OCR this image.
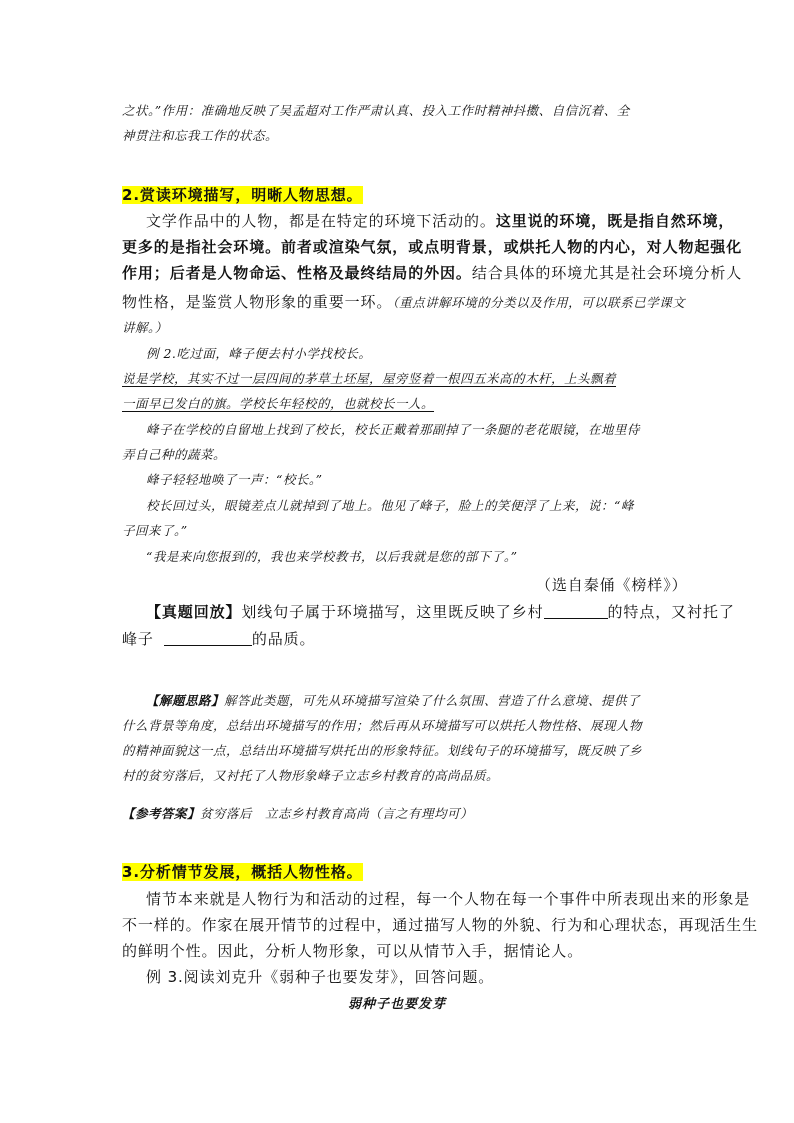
之状。”作用：准确地反映了吴孟超对工作严肃认真、投入工作时精神抖擞、自信沉着、全
神贯注和忘我工作的状态。
2.赏读环境描写，明晰人物思想。
文学作品中的人物，都是在特定的环境下活动的。这里说的环境，既是指自然环境，
更多的是指社会环境。前者或渲染气氛，或点明背景，或烘托人物的内心，对人物起强化
作用；后者是人物命运、性格及最终结局的外因。结合具体的环境尤其是社会环境分析人
物性格，是鉴赏人物形象的重要一环。（重点讲解环境的分类以及作用，可以联系已学课文
讲解。）
例 2.吃过面，峰子便去村小学找校长。
说是学校，其实不过一层四间的茅草土坯屋，屋旁竖着一根四五米高的木杆，上头飘着
一面早已发白的旗。学校长年轻校的，也就校长一人。
峰子在学校的自留地上找到了校长，校长正戴着那副掉了一条腿的老花眼镜，在地里侍
弄自己种的蔬菜。
峰子轻轻地唤了一声：“校长。”
校长回过头，眼镜差点儿就掉到了地上。他见了峰子，脸上的笑便浮了上来，说：“峰
子回来了。”
“我是来向您报到的，我也来学校教书，以后我就是您的部下了。”
（选自秦俑《榜样》）
【真题回放】划线句子属于环境描写，这里既反映了乡村	的特点，又衬托了
峰子	的品质。
【解题思路】解答此类题，可先从环境描写渲染了什么氛围、营造了什么意境、提供了
什么背景等角度，总结出环境描写的作用；然后再从环境描写可以烘托人物性格、展现人物
的精神面貌这一点，总结出环境描写烘托出的形象特征。划线句子的环境描写，既反映了乡
村的贫穷落后，又衬托了人物形象峰子立志乡村教育的高尚品质。
【参考答案】贫穷落后　立志乡村教育高尚（言之有理均可）
3.分析情节发展，概括人物性格。
情节本来就是人物行为和活动的过程，每一个人物在每一个事件中所表现出来的形象是
不一样的。作家在展开情节的过程中，通过描写人物的外貌、行为和心理状态，再现活生生
的鲜明个性。因此，分析人物形象，可以从情节入手，据情论人。
例 3.阅读刘克升《弱种子也要发芽》，回答问题。
弱种子也要发芽
